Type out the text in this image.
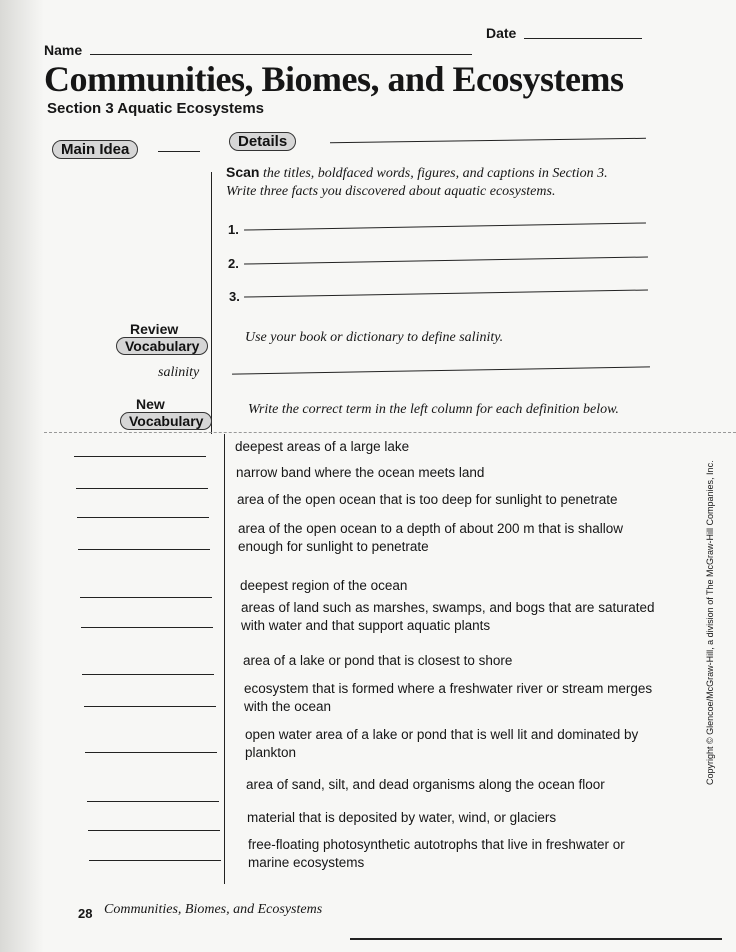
Date
Name
Communities, Biomes, and Ecosystems
Section 3 Aquatic Ecosystems
Main Idea	Details
Scan the titles, boldfaced words, figures, and captions in Section 3.
Write three facts you discovered about aquatic ecosystems.
1.
2.
3.
Review
Vocabulary
Use your book or dictionary to define salinity.
salinity
New
Vocabulary
Write the correct term in the left column for each definition below.
deepest areas of a large lake
narrow band where the ocean meets land
area of the open ocean that is too deep for sunlight to penetrate
area of the open ocean to a depth of about 200 m that is shallow enough for sunlight to penetrate
deepest region of the ocean
areas of land such as marshes, swamps, and bogs that are saturated with water and that support aquatic plants
area of a lake or pond that is closest to shore
ecosystem that is formed where a freshwater river or stream merges with the ocean
open water area of a lake or pond that is well lit and dominated by plankton
area of sand, silt, and dead organisms along the ocean floor
material that is deposited by water, wind, or glaciers
free-floating photosynthetic autotrophs that live in freshwater or marine ecosystems
Copyright © Glencoe/McGraw-Hill, a division of The McGraw-Hill Companies, Inc.
28 Communities, Biomes, and Ecosystems
